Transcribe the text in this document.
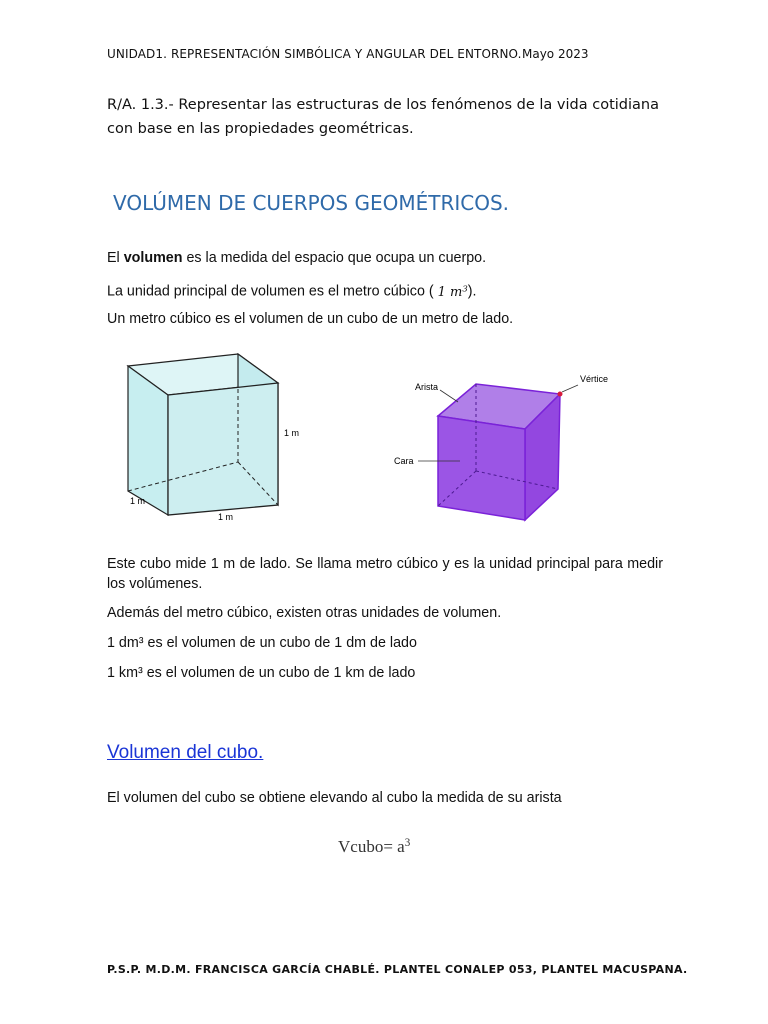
UNIDAD1. REPRESENTACIÓN SIMBÓLICA Y ANGULAR DEL ENTORNO. Mayo 2023
R/A. 1.3.- Representar las estructuras de los fenómenos de la vida cotidiana con base en las propiedades geométricas.
VOLÚMEN DE CUERPOS GEOMÉTRICOS.
El volumen es la medida del espacio que ocupa un cuerpo.
La unidad principal de volumen es el metro cúbico ( 1 $m^3$).
Un metro cúbico es el volumen de un cubo de un metro de lado.
1 m
1 m
1 m
Arista
Vértice
Cara
Este cubo mide 1 m de lado. Se llama metro cúbico y es la unidad principal para medir los volúmenes.
Además del metro cúbico, existen otras unidades de volumen.
1 dm³ es el volumen de un cubo de 1 dm de lado
1 km³ es el volumen de un cubo de 1 km de lado
Volumen del cubo.
El volumen del cubo se obtiene elevando al cubo la medida de su arista
Vcubo= $a^3$
P.S.P. M.D.M. FRANCISCA GARCÍA CHABLÉ. PLANTEL CONALEP 053, PLANTEL MACUSPANA.
